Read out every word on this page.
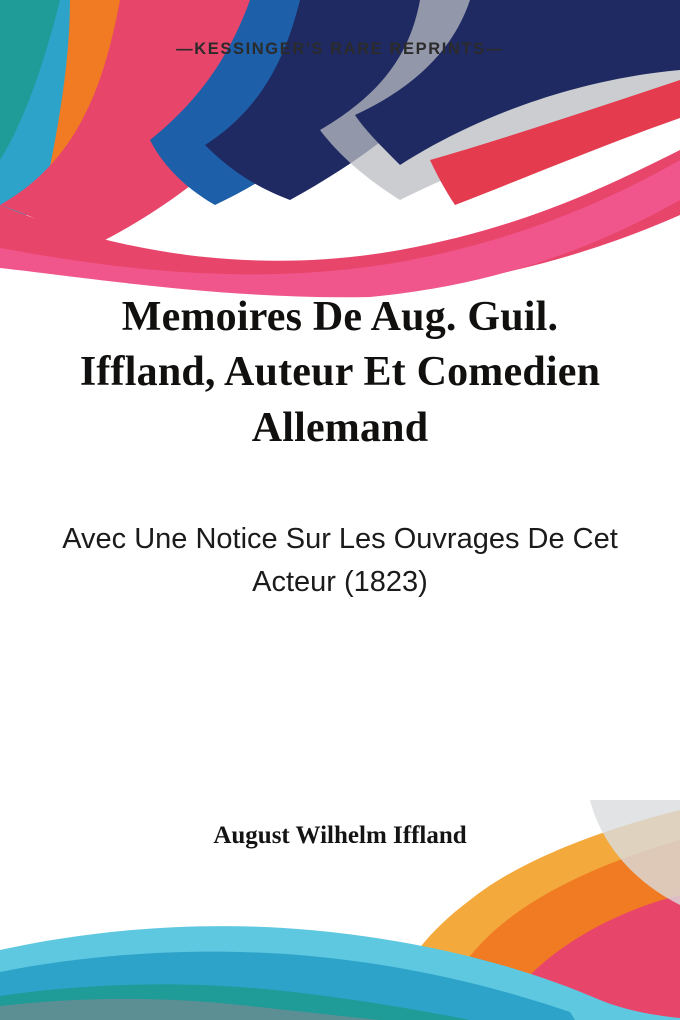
—KESSINGER'S RARE REPRINTS—
Memoires De Aug. Guil. Iffland, Auteur Et Comedien Allemand
Avec Une Notice Sur Les Ouvrages De Cet Acteur (1823)

August Wilhelm Iffland
